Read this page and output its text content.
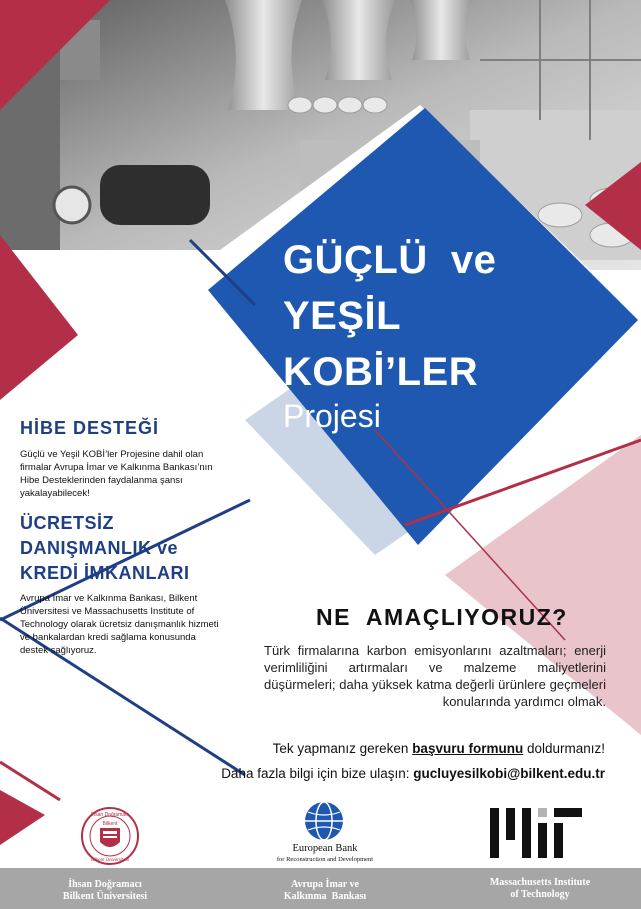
GÜÇLÜ  ve
YEŞİL
KOBİ’LER
Projesi
HİBE DESTEĞİ
Güçlü ve Yeşil KOBİ’ler Projesine dahil olan firmalar Avrupa İmar ve Kalkınma Bankası’nın Hibe Desteklerinden faydalanma şansı yakalayabilecek!
ÜCRETSİZ
DANIŞMANLIK ve
KREDİ İMKANLARI
Avrupa İmar ve Kalkınma Bankası, Bilkent Üniversitesi ve Massachusetts Institute of Technology olarak ücretsiz danışmanlık hizmeti ve bankalardan kredi sağlama konusunda destek sağlıyoruz.
NE  AMAÇLIYORUZ?
Türk firmalarına karbon emisyonlarını azaltmaları; enerji verimliliğini artırmaları ve malzeme maliyetlerini düşürmeleri; daha yüksek katma değerli ürünlere geçmeleri konularında yardımcı olmak.
Tek yapmanız gereken başvuru formunu doldurmanız!
Daha fazla bilgi için bize ulaşın: gucluyesilkobi@bilkent.edu.tr
İhsan Doğramacı
Bilkent
Bilkent Üniversitesi
European Bank
for Reconstruction and Development
İhsan Doğramacı
Bilkent Üniversitesi
Avrupa İmar ve
Kalkınma  Bankası
Massachusetts Institute
of Technology
